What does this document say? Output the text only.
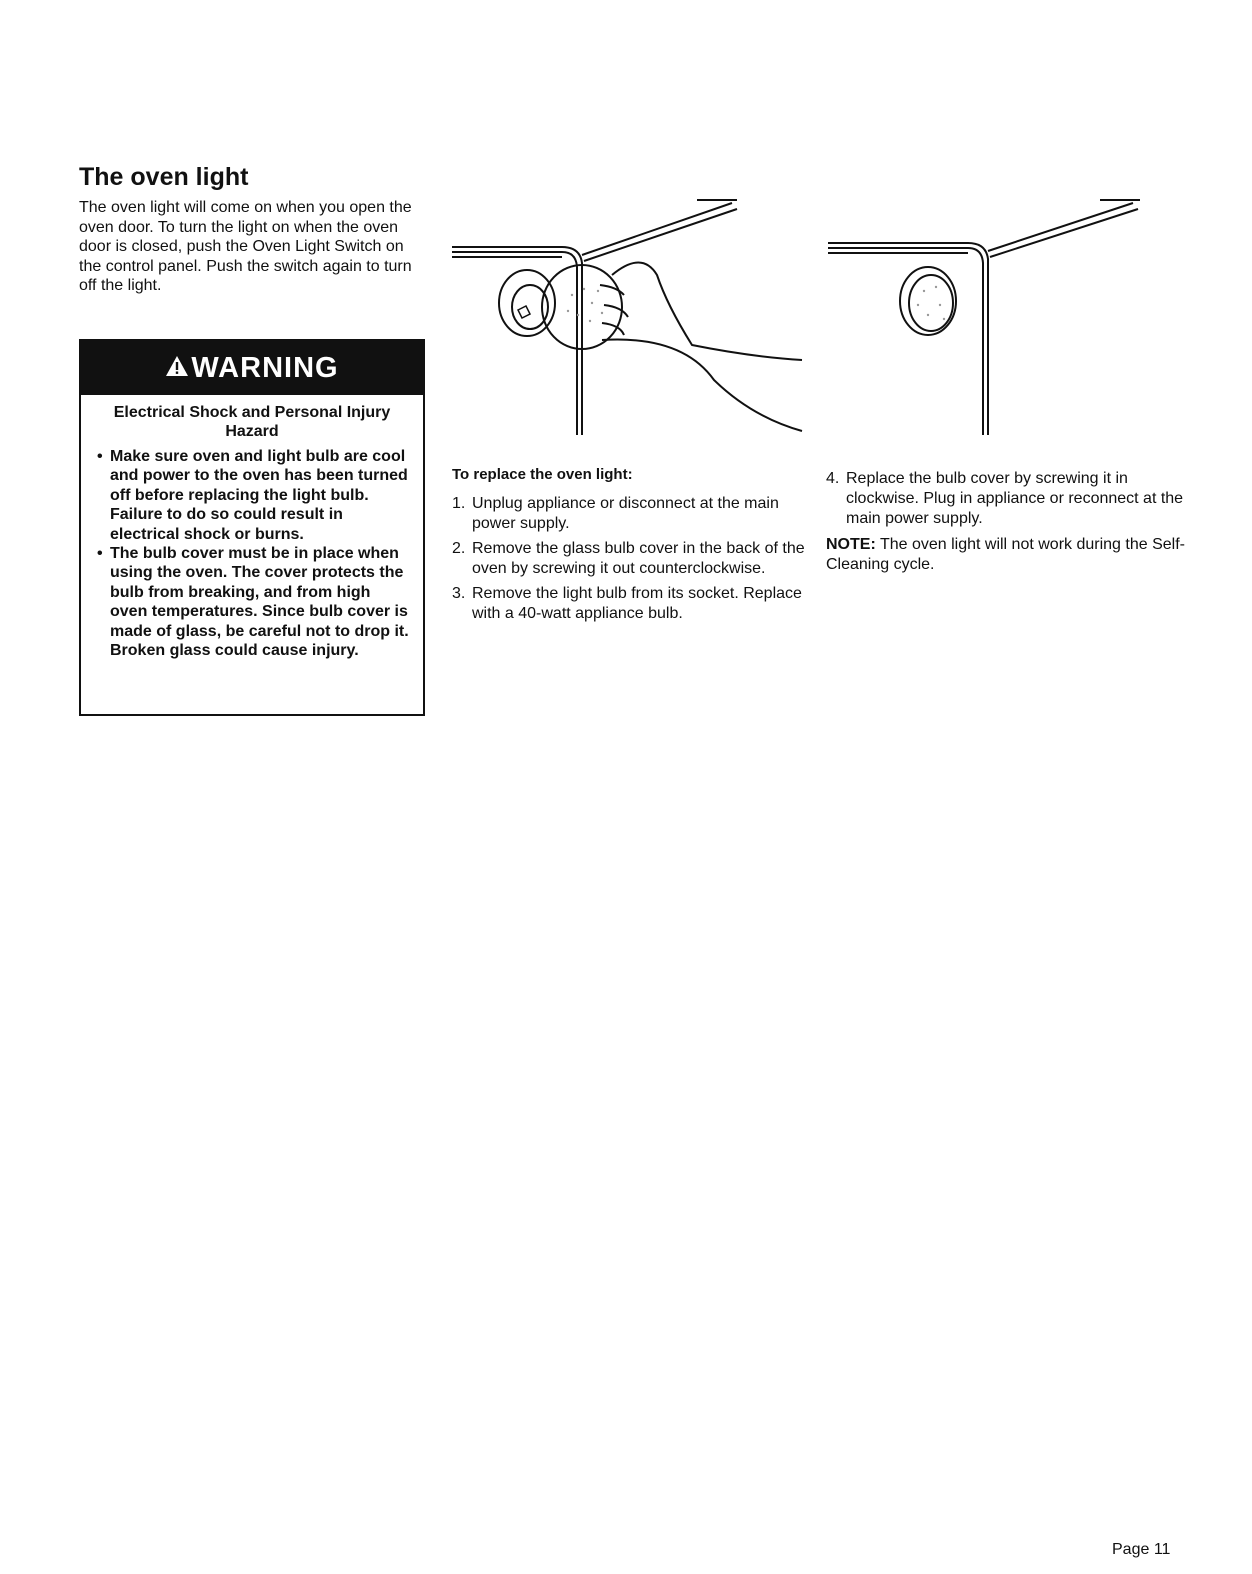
The oven light

The oven light will come on when you open the oven door. To turn the light on when the oven door is closed, push the Oven Light Switch on the control panel. Push the switch again to turn off the light.

WARNING
Electrical Shock and Personal Injury Hazard
• Make sure oven and light bulb are cool and power to the oven has been turned off before replacing the light bulb. Failure to do so could result in electrical shock or burns.
• The bulb cover must be in place when using the oven. The cover protects the bulb from breaking, and from high oven temperatures. Since bulb cover is made of glass, be careful not to drop it. Broken glass could cause injury.

To replace the oven light:

1. Unplug appliance or disconnect at the main power supply.
2. Remove the glass bulb cover in the back of the oven by screwing it out counterclockwise.
3. Remove the light bulb from its socket. Replace with a 40-watt appliance bulb.
4. Replace the bulb cover by screwing it in clockwise. Plug in appliance or reconnect at the main power supply.

NOTE: The oven light will not work during the Self-Cleaning cycle.

Page 11
